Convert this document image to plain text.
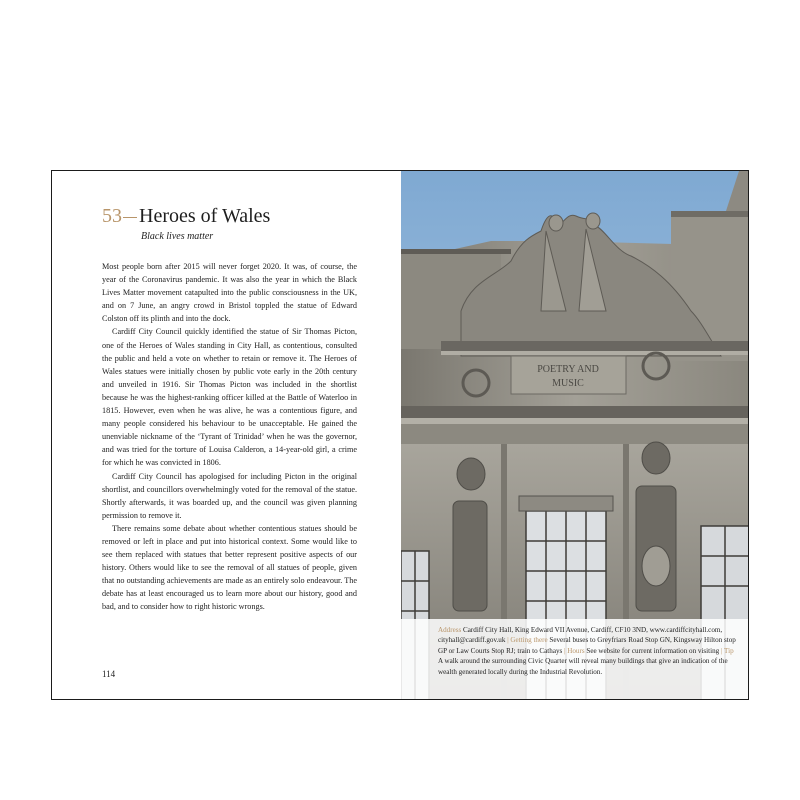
53 Heroes of Wales
Black lives matter

Most people born after 2015 will never forget 2020. It was, of course, the year of the Coronavirus pandemic. It was also the year in which the Black Lives Matter movement catapulted into the public consciousness in the UK, and on 7 June, an angry crowd in Bristol toppled the statue of Edward Colston off its plinth and into the dock.

Cardiff City Council quickly identified the statue of Sir Thomas Picton, one of the Heroes of Wales standing in City Hall, as contentious, consulted the public and held a vote on whether to retain or remove it. The Heroes of Wales statues were initially chosen by public vote early in the 20th century and unveiled in 1916. Sir Thomas Picton was included in the shortlist because he was the highest-ranking officer killed at the Battle of Waterloo in 1815. However, even when he was alive, he was a contentious figure, and many people considered his behaviour to be unacceptable. He gained the unenviable nickname of the ‘Tyrant of Trinidad’ when he was the governor, and was tried for the torture of Louisa Calderon, a 14-year-old girl, a crime for which he was convicted in 1806.

Cardiff City Council has apologised for including Picton in the original shortlist, and councillors overwhelmingly voted for the removal of the statue. Shortly afterwards, it was boarded up, and the council was given planning permission to remove it.

There remains some debate about whether contentious statues should be removed or left in place and put into historical context. Some would like to see them replaced with statues that better represent positive aspects of our history. Others would like to see the removal of all statues of people, given that no outstanding achievements are made as an entirely solo endeavour. The debate has at least encouraged us to learn more about our history, good and bad, and to consider how to right historic wrongs.

114
POETRY AND
MUSIC
Address Cardiff City Hall, King Edward VII Avenue, Cardiff, CF10 3ND, www.cardiffcityhall.com, cityhall@cardiff.gov.uk | Getting there Several buses to Greyfriars Road Stop GN, Kingsway Hilton stop GP or Law Courts Stop RJ; train to Cathays | Hours See website for current information on visiting | Tip A walk around the surrounding Civic Quarter will reveal many buildings that give an indication of the wealth generated locally during the Industrial Revolution.
